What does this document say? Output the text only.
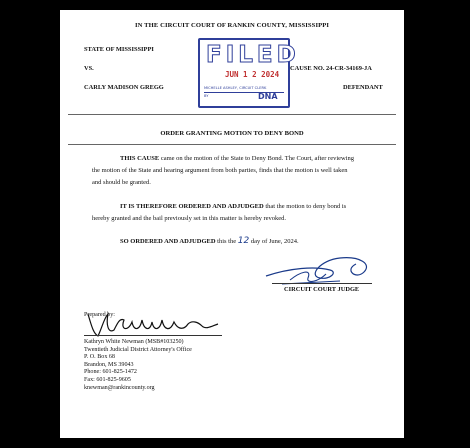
IN THE CIRCUIT COURT OF RANKIN COUNTY, MISSISSIPPI
STATE OF MISSISSIPPI
VS.
CARLY MADISON GREGG
CAUSE NO. 24-CR-34169-JA
DEFENDANT
FILED
JUN 1 2 2024
MICHELLE ASHLEY, CIRCUIT CLERK
BY	DNA
ORDER GRANTING MOTION TO DENY BOND
THIS CAUSE came on the motion of the State to Deny Bond. The Court, after reviewing
the motion of the State and hearing argument from both parties, finds that the motion is well taken
and should be granted.
IT IS THEREFORE ORDERED AND ADJUDGED that the motion to deny bond is
hereby granted and the bail previously set in this matter is hereby revoked.
SO ORDERED AND ADJUDGED this the 12 day of June, 2024.
CIRCUIT COURT JUDGE
Prepared by:
Kathryn White Newman (MSB#103250)
Twentieth Judicial District Attorney's Office
P. O. Box 68
Brandon, MS 39043
Phone: 601-825-1472
Fax: 601-825-9605
knewman@rankincounty.org
